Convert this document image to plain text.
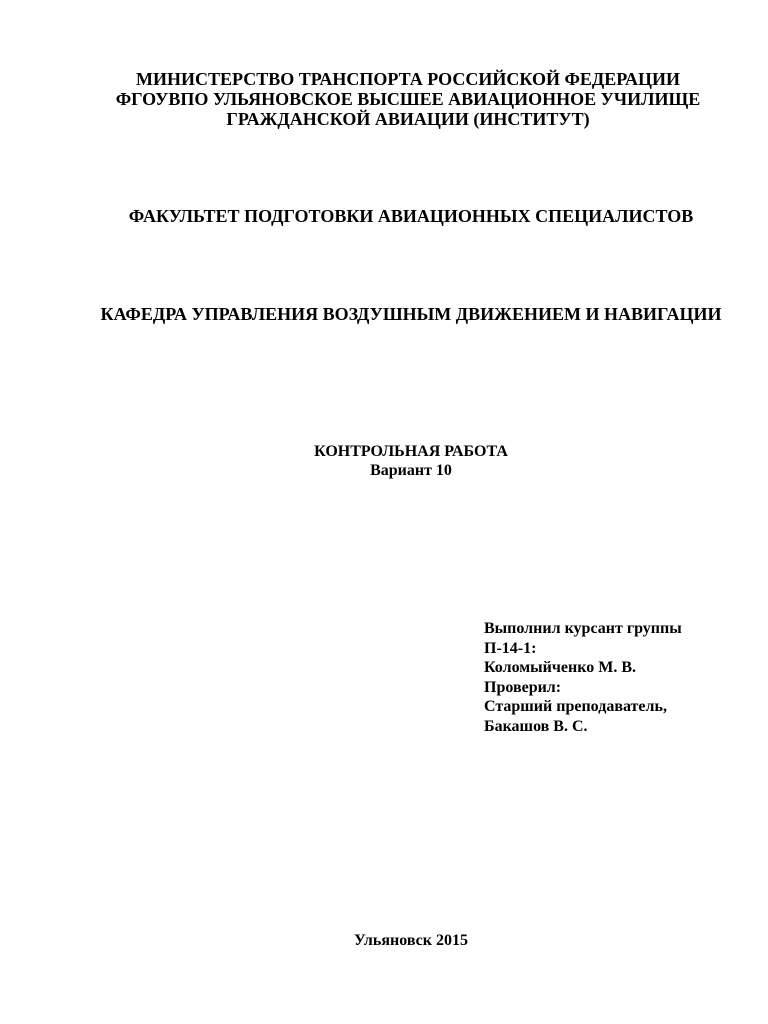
МИНИСТЕРСТВО ТРАНСПОРТА РОССИЙСКОЙ ФЕДЕРАЦИИ
ФГОУВПО УЛЬЯНОВСКОЕ ВЫСШЕЕ АВИАЦИОННОЕ УЧИЛИЩЕ
ГРАЖДАНСКОЙ АВИАЦИИ (ИНСТИТУТ)
ФАКУЛЬТЕТ ПОДГОТОВКИ АВИАЦИОННЫХ СПЕЦИАЛИСТОВ
КАФЕДРА УПРАВЛЕНИЯ ВОЗДУШНЫМ ДВИЖЕНИЕМ И НАВИГАЦИИ
КОНТРОЛЬНАЯ РАБОТА
Вариант 10
Выполнил курсант группы
П-14-1:
Коломыйченко М. В.
Проверил:
Старший преподаватель,
Бакашов В. С.
Ульяновск 2015
